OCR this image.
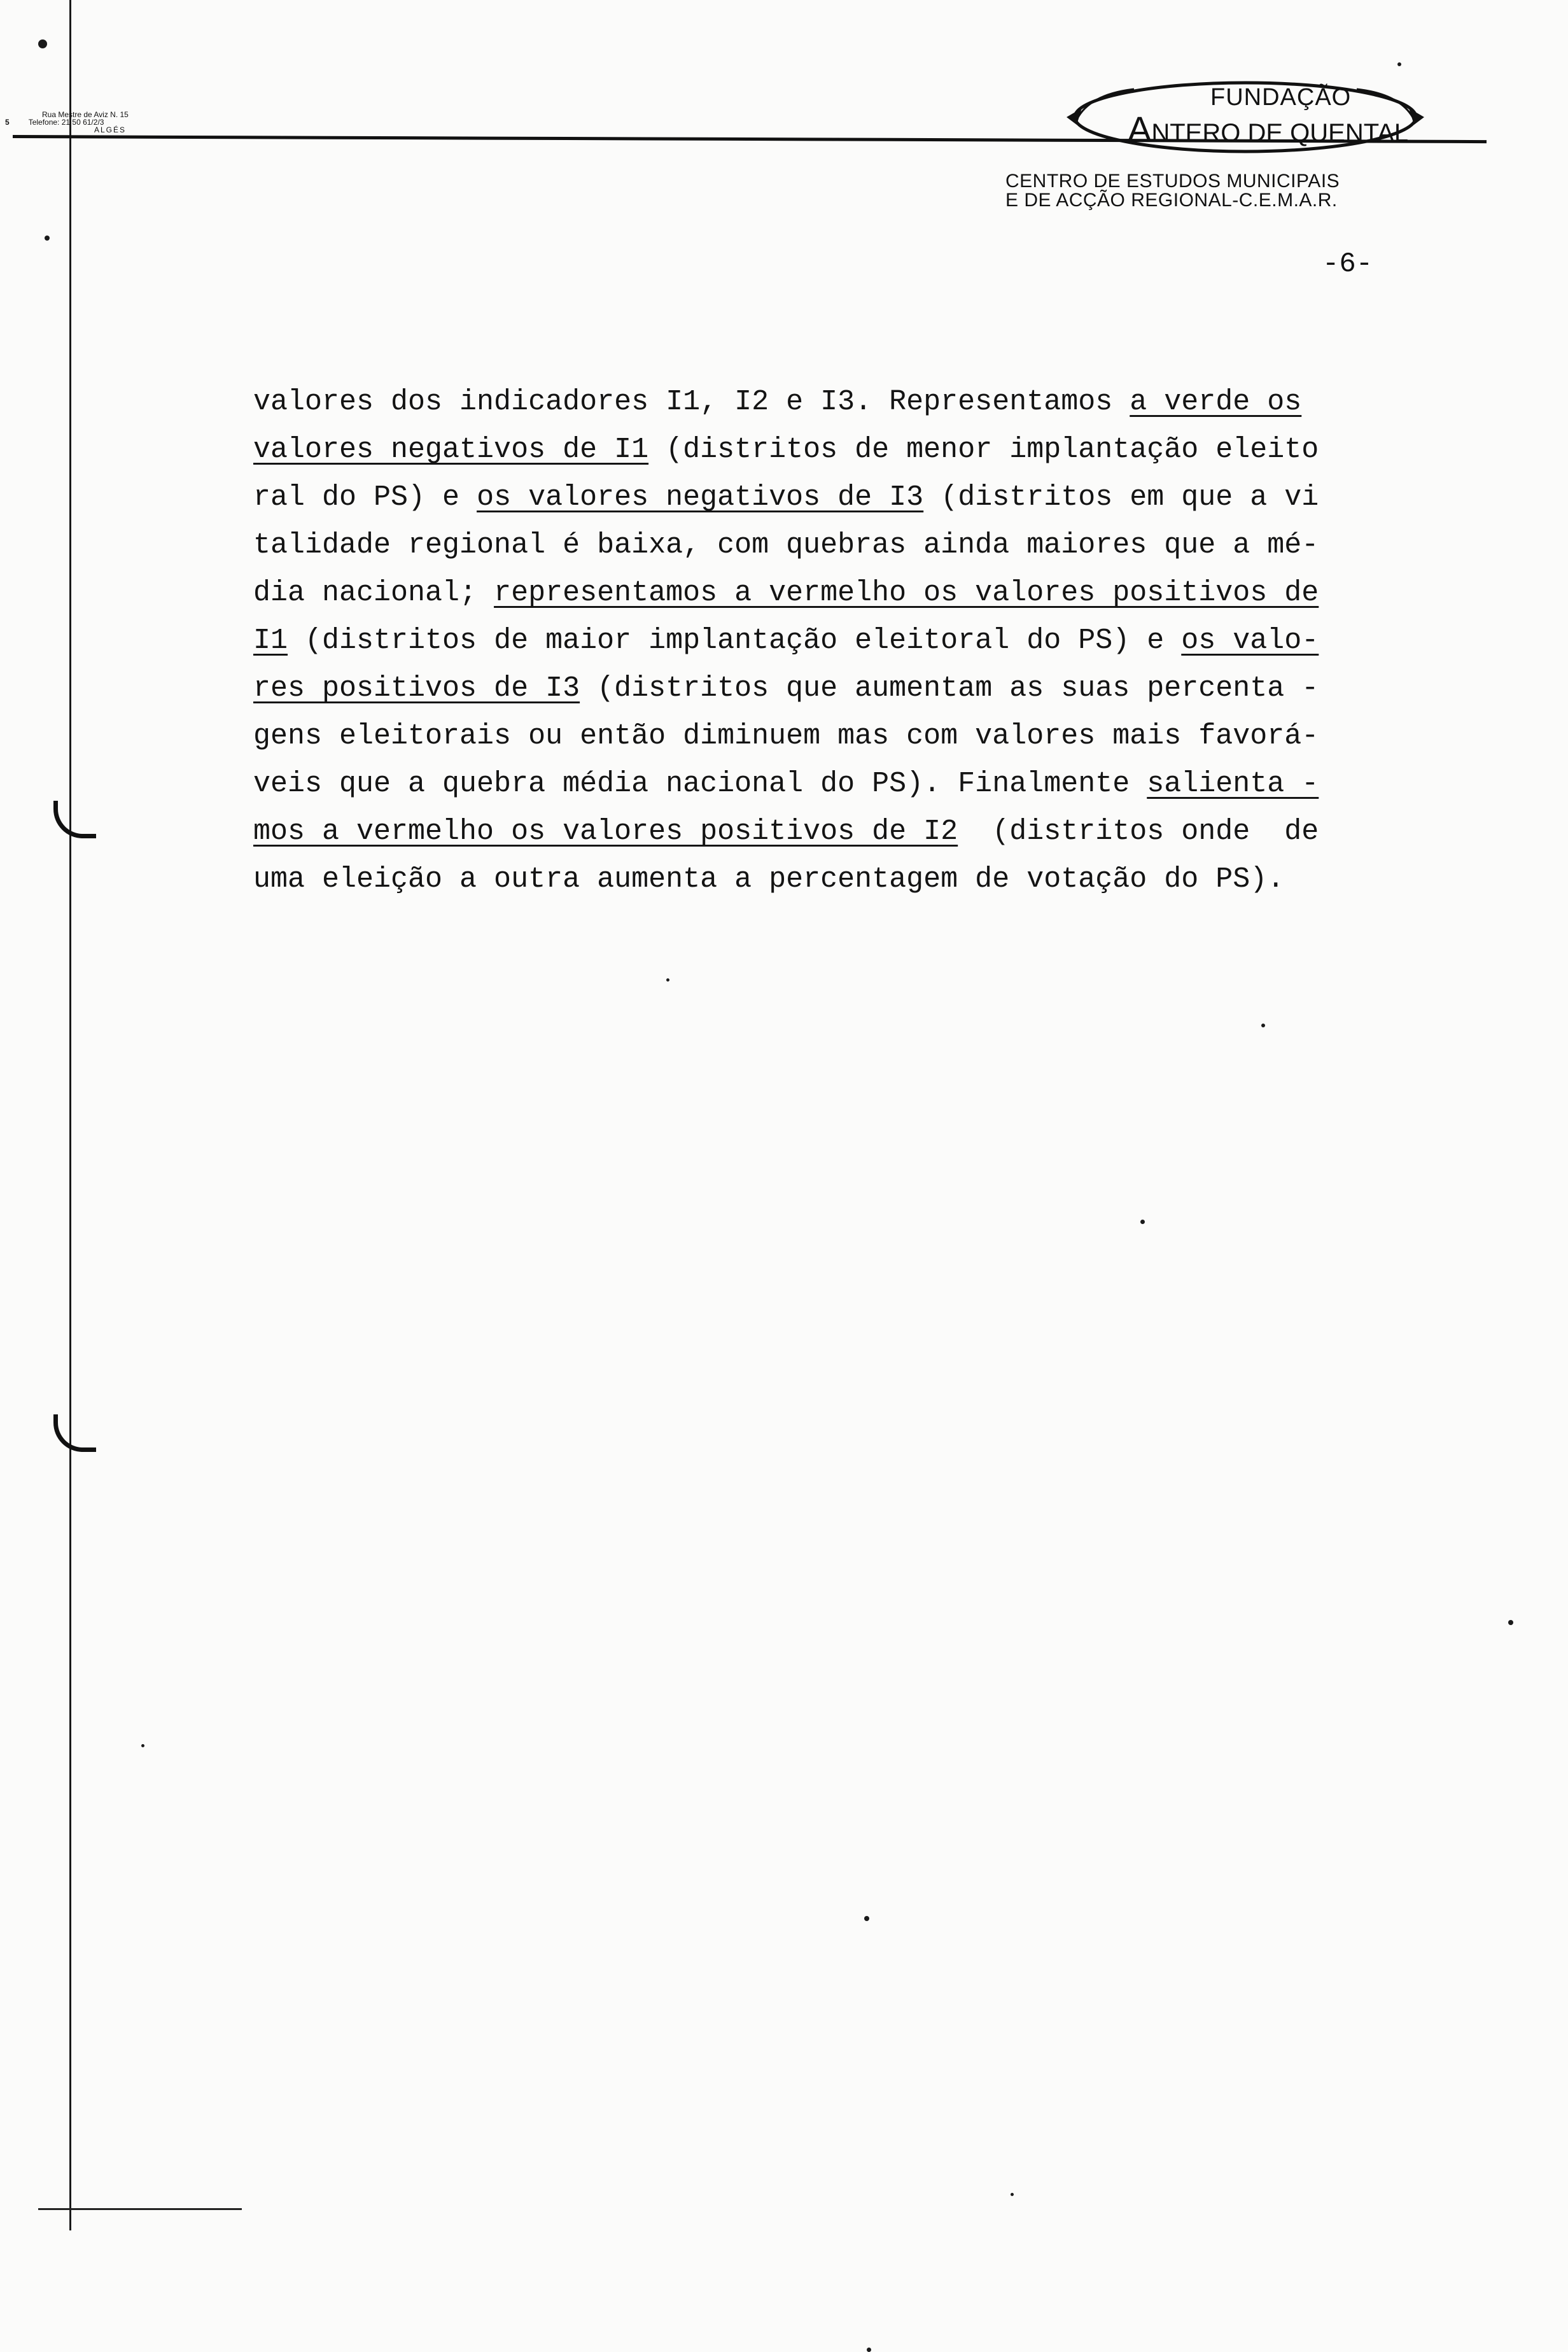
Rua Mestre de Aviz N. 15
5	Telefone: 21 50 61/2/3
ALGÉS
FUNDAÇÃO
ANTERO DE QUENTAL
CENTRO DE ESTUDOS MUNICIPAIS
E DE ACÇÃO REGIONAL-C.E.M.A.R.
-6-
valores dos indicadores I1, I2 e I3. Representamos a verde os
valores negativos de I1 (distritos de menor implantação eleito
ral do PS) e os valores negativos de I3 (distritos em que a vi
talidade regional é baixa, com quebras ainda maiores que a mé-
dia nacional; representamos a vermelho os valores positivos de
I1 (distritos de maior implantação eleitoral do PS) e os valo-
res positivos de I3 (distritos que aumentam as suas percenta -
gens eleitorais ou então diminuem mas com valores mais favorá-
veis que a quebra média nacional do PS). Finalmente salienta -
mos a vermelho os valores positivos de I2  (distritos onde  de
uma eleição a outra aumenta a percentagem de votação do PS).
